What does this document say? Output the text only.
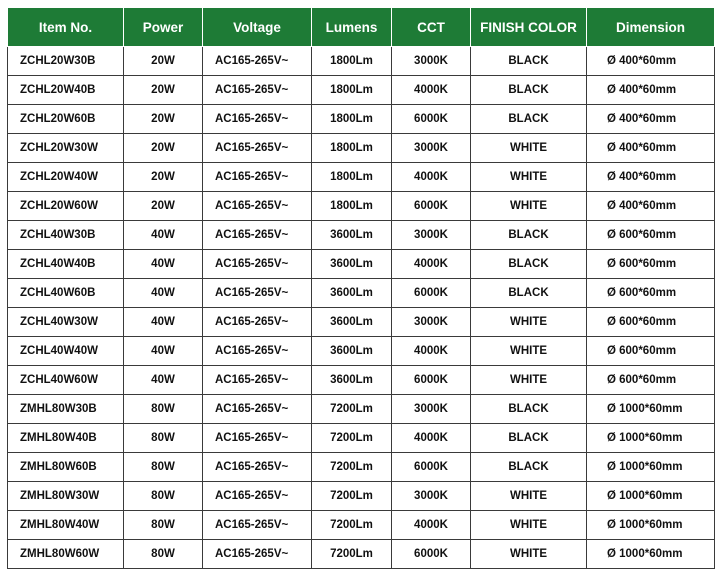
Item No.	Power	Voltage	Lumens	CCT	FINISH COLOR	Dimension
ZCHL20W30B	20W	AC165-265V~	1800Lm	3000K	BLACK	Ø 400*60mm
ZCHL20W40B	20W	AC165-265V~	1800Lm	4000K	BLACK	Ø 400*60mm
ZCHL20W60B	20W	AC165-265V~	1800Lm	6000K	BLACK	Ø 400*60mm
ZCHL20W30W	20W	AC165-265V~	1800Lm	3000K	WHITE	Ø 400*60mm
ZCHL20W40W	20W	AC165-265V~	1800Lm	4000K	WHITE	Ø 400*60mm
ZCHL20W60W	20W	AC165-265V~	1800Lm	6000K	WHITE	Ø 400*60mm
ZCHL40W30B	40W	AC165-265V~	3600Lm	3000K	BLACK	Ø 600*60mm
ZCHL40W40B	40W	AC165-265V~	3600Lm	4000K	BLACK	Ø 600*60mm
ZCHL40W60B	40W	AC165-265V~	3600Lm	6000K	BLACK	Ø 600*60mm
ZCHL40W30W	40W	AC165-265V~	3600Lm	3000K	WHITE	Ø 600*60mm
ZCHL40W40W	40W	AC165-265V~	3600Lm	4000K	WHITE	Ø 600*60mm
ZCHL40W60W	40W	AC165-265V~	3600Lm	6000K	WHITE	Ø 600*60mm
ZMHL80W30B	80W	AC165-265V~	7200Lm	3000K	BLACK	Ø 1000*60mm
ZMHL80W40B	80W	AC165-265V~	7200Lm	4000K	BLACK	Ø 1000*60mm
ZMHL80W60B	80W	AC165-265V~	7200Lm	6000K	BLACK	Ø 1000*60mm
ZMHL80W30W	80W	AC165-265V~	7200Lm	3000K	WHITE	Ø 1000*60mm
ZMHL80W40W	80W	AC165-265V~	7200Lm	4000K	WHITE	Ø 1000*60mm
ZMHL80W60W	80W	AC165-265V~	7200Lm	6000K	WHITE	Ø 1000*60mm
